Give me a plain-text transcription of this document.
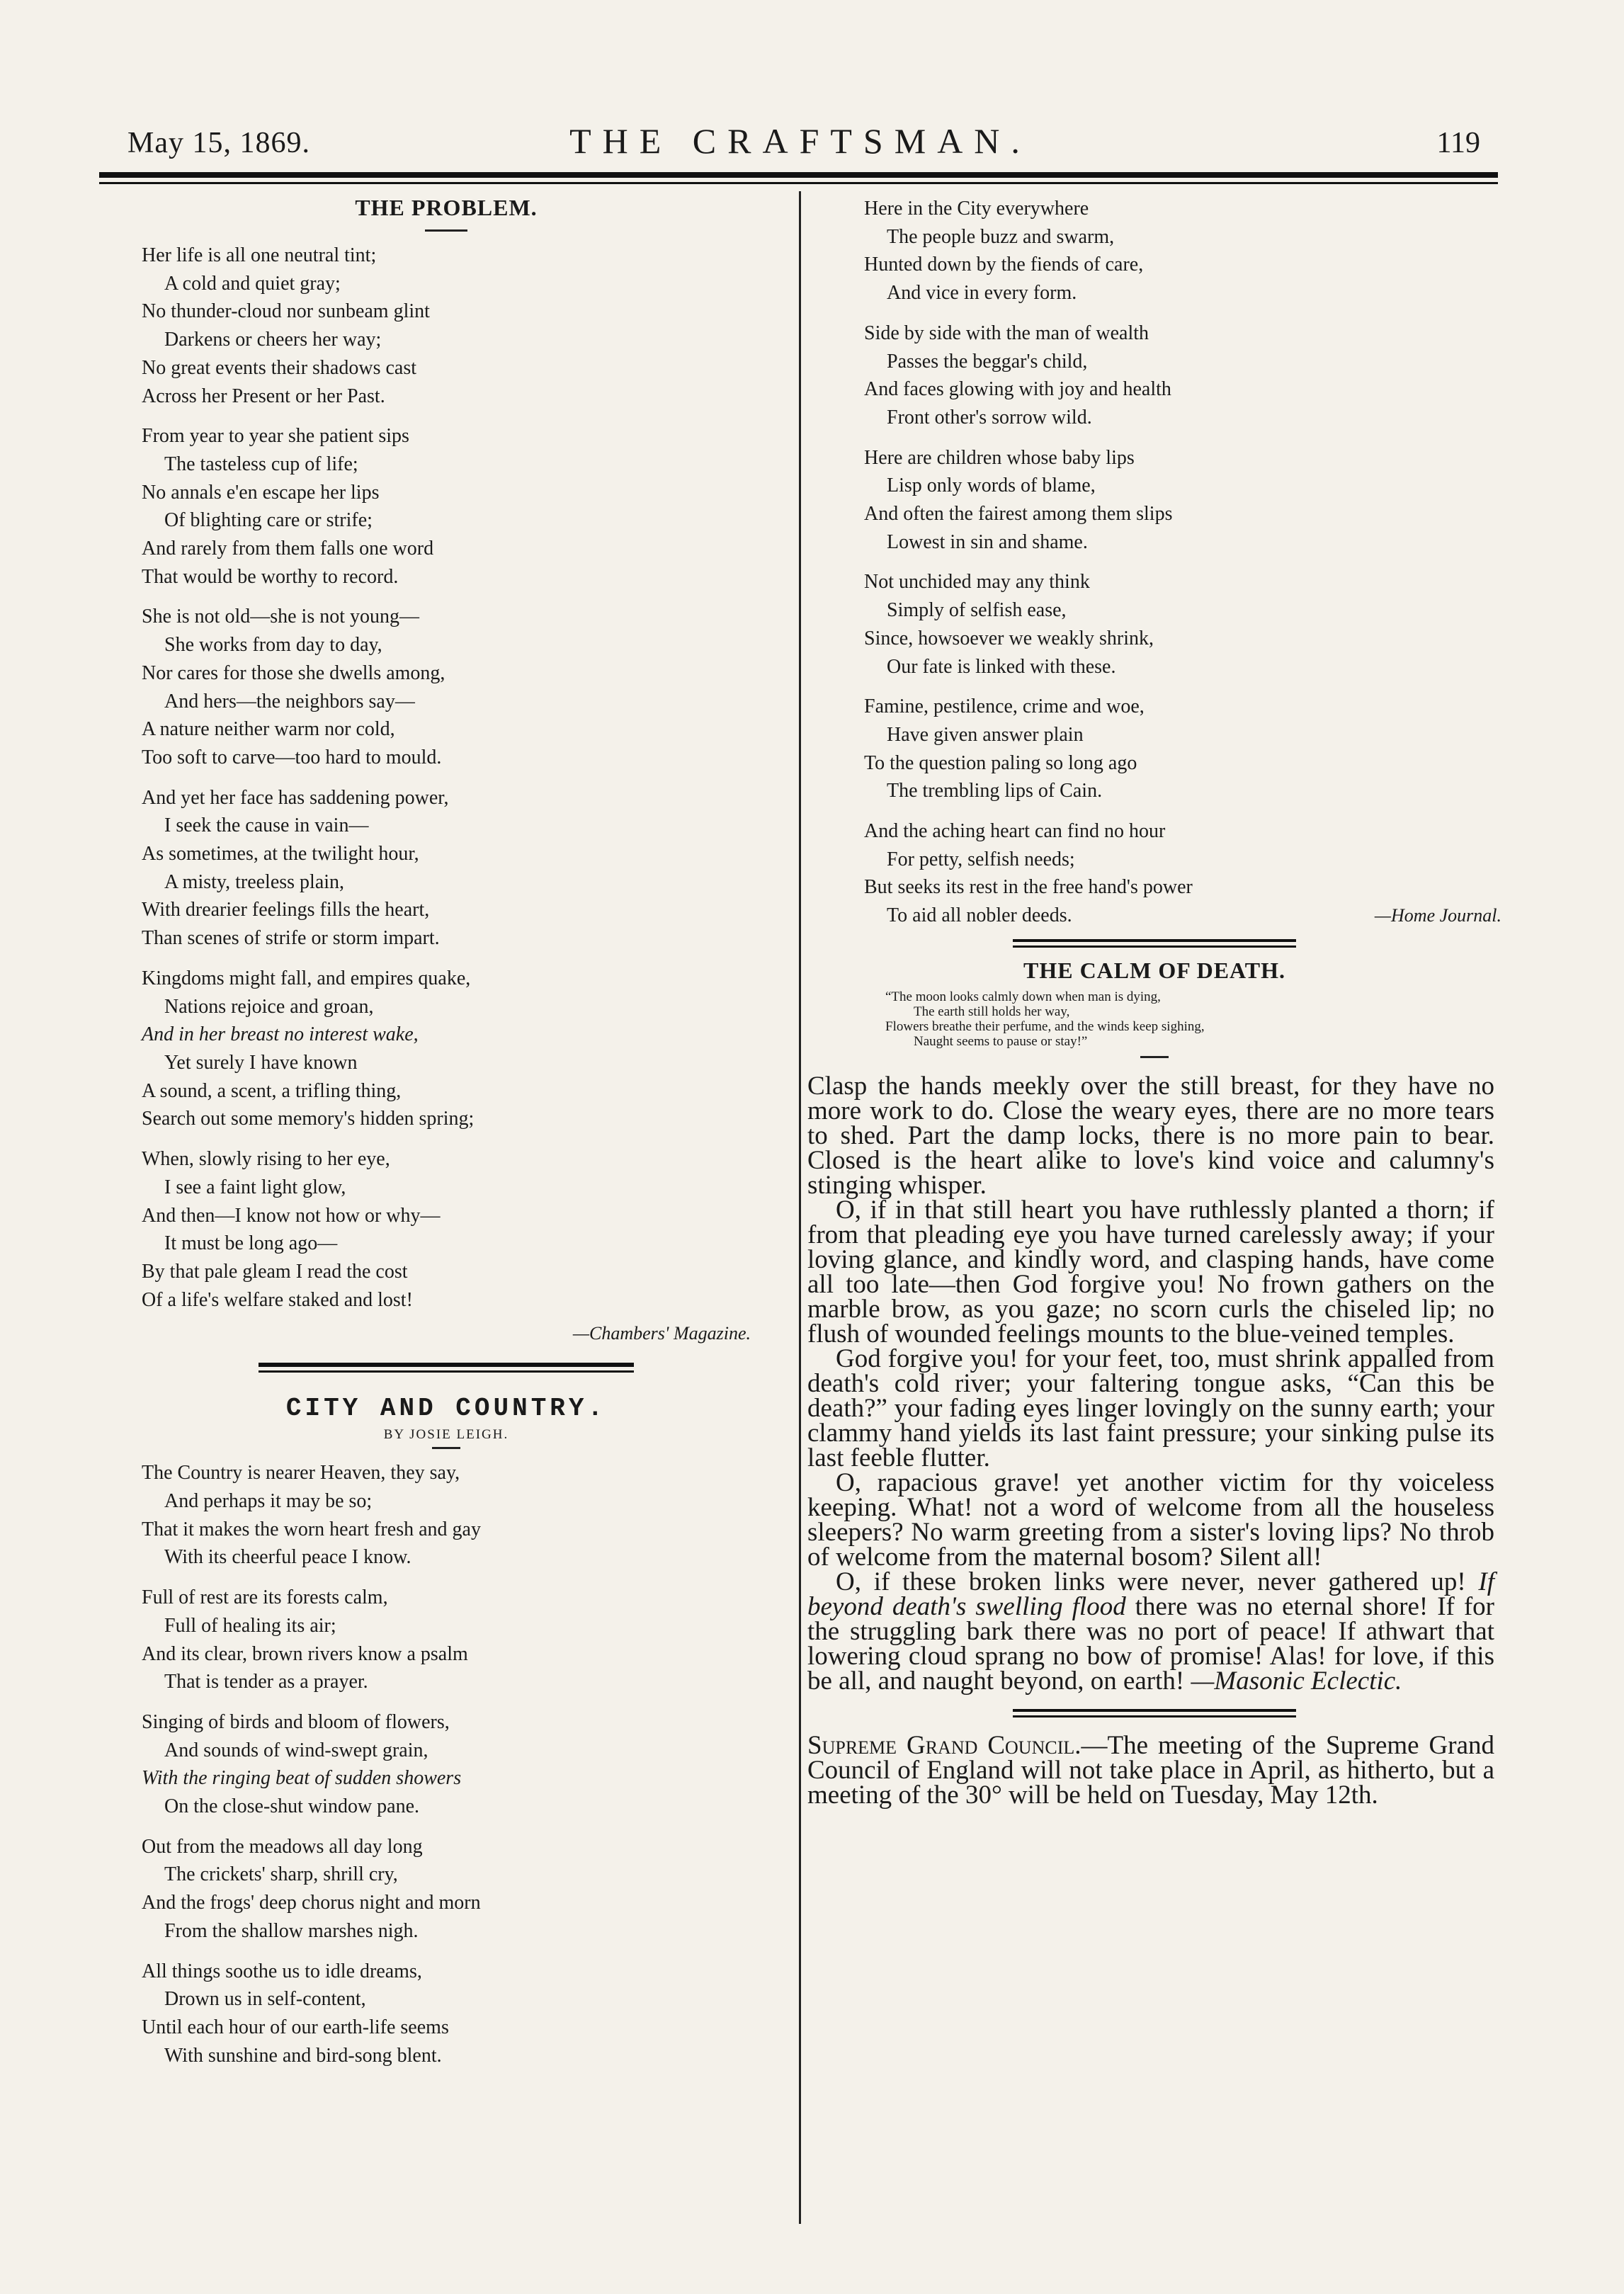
May 15, 1869.	THE CRAFTSMAN.	119
THE PROBLEM.
Her life is all one neutral tint;
A cold and quiet gray;
No thunder-cloud nor sunbeam glint
Darkens or cheers her way;
No great events their shadows cast
Across her Present or her Past.
From year to year she patient sips
The tasteless cup of life;
No annals e'en escape her lips
Of blighting care or strife;
And rarely from them falls one word
That would be worthy to record.
She is not old—she is not young—
She works from day to day,
Nor cares for those she dwells among,
And hers—the neighbors say—
A nature neither warm nor cold,
Too soft to carve—too hard to mould.
And yet her face has saddening power,
I seek the cause in vain—
As sometimes, at the twilight hour,
A misty, treeless plain,
With drearier feelings fills the heart,
Than scenes of strife or storm impart.
Kingdoms might fall, and empires quake,
Nations rejoice and groan,
And in her breast no interest wake,
Yet surely I have known
A sound, a scent, a trifling thing,
Search out some memory's hidden spring;
When, slowly rising to her eye,
I see a faint light glow,
And then—I know not how or why—
It must be long ago—
By that pale gleam I read the cost
Of a life's welfare staked and lost!
—Chambers' Magazine.
CITY AND COUNTRY.
BY JOSIE LEIGH.
The Country is nearer Heaven, they say,
And perhaps it may be so;
That it makes the worn heart fresh and gay
With its cheerful peace I know.
Full of rest are its forests calm,
Full of healing its air;
And its clear, brown rivers know a psalm
That is tender as a prayer.
Singing of birds and bloom of flowers,
And sounds of wind-swept grain,
With the ringing beat of sudden showers
On the close-shut window pane.
Out from the meadows all day long
The crickets' sharp, shrill cry,
And the frogs' deep chorus night and morn
From the shallow marshes nigh.
All things soothe us to idle dreams,
Drown us in self-content,
Until each hour of our earth-life seems
With sunshine and bird-song blent.
Here in the City everywhere
The people buzz and swarm,
Hunted down by the fiends of care,
And vice in every form.
Side by side with the man of wealth
Passes the beggar's child,
And faces glowing with joy and health
Front other's sorrow wild.
Here are children whose baby lips
Lisp only words of blame,
And often the fairest among them slips
Lowest in sin and shame.
Not unchided may any think
Simply of selfish ease,
Since, howsoever we weakly shrink,
Our fate is linked with these.
Famine, pestilence, crime and woe,
Have given answer plain
To the question paling so long ago
The trembling lips of Cain.
And the aching heart can find no hour
For petty, selfish needs;
But seeks its rest in the free hand's power
To aid all nobler deeds.	—Home Journal.
THE CALM OF DEATH.
“The moon looks calmly down when man is dying,
The earth still holds her way,
Flowers breathe their perfume, and the winds keep sighing,
Naught seems to pause or stay!”

Clasp the hands meekly over the still breast, for they have no more work to do. Close the weary eyes, there are no more tears to shed. Part the damp locks, there is no more pain to bear. Closed is the heart alike to love's kind voice and calumny's stinging whisper.

O, if in that still heart you have ruthlessly planted a thorn; if from that pleading eye you have turned carelessly away; if your loving glance, and kindly word, and clasping hands, have come all too late—then God forgive you! No frown gathers on the marble brow, as you gaze; no scorn curls the chiseled lip; no flush of wounded feelings mounts to the blue-veined temples.

God forgive you! for your feet, too, must shrink appalled from death's cold river; your faltering tongue asks, “Can this be death?” your fading eyes linger lovingly on the sunny earth; your clammy hand yields its last faint pressure; your sinking pulse its last feeble flutter.

O, rapacious grave! yet another victim for thy voiceless keeping. What! not a word of welcome from all the houseless sleepers? No warm greeting from a sister's loving lips? No throb of welcome from the maternal bosom? Silent all!

O, if these broken links were never, never gathered up! If beyond death's swelling flood there was no eternal shore! If for the struggling bark there was no port of peace! If athwart that lowering cloud sprang no bow of promise! Alas! for love, if this be all, and naught beyond, on earth! —Masonic Eclectic.

Supreme Grand Council.—The meeting of the Supreme Grand Council of England will not take place in April, as hitherto, but a meeting of the 30° will be held on Tuesday, May 12th.
